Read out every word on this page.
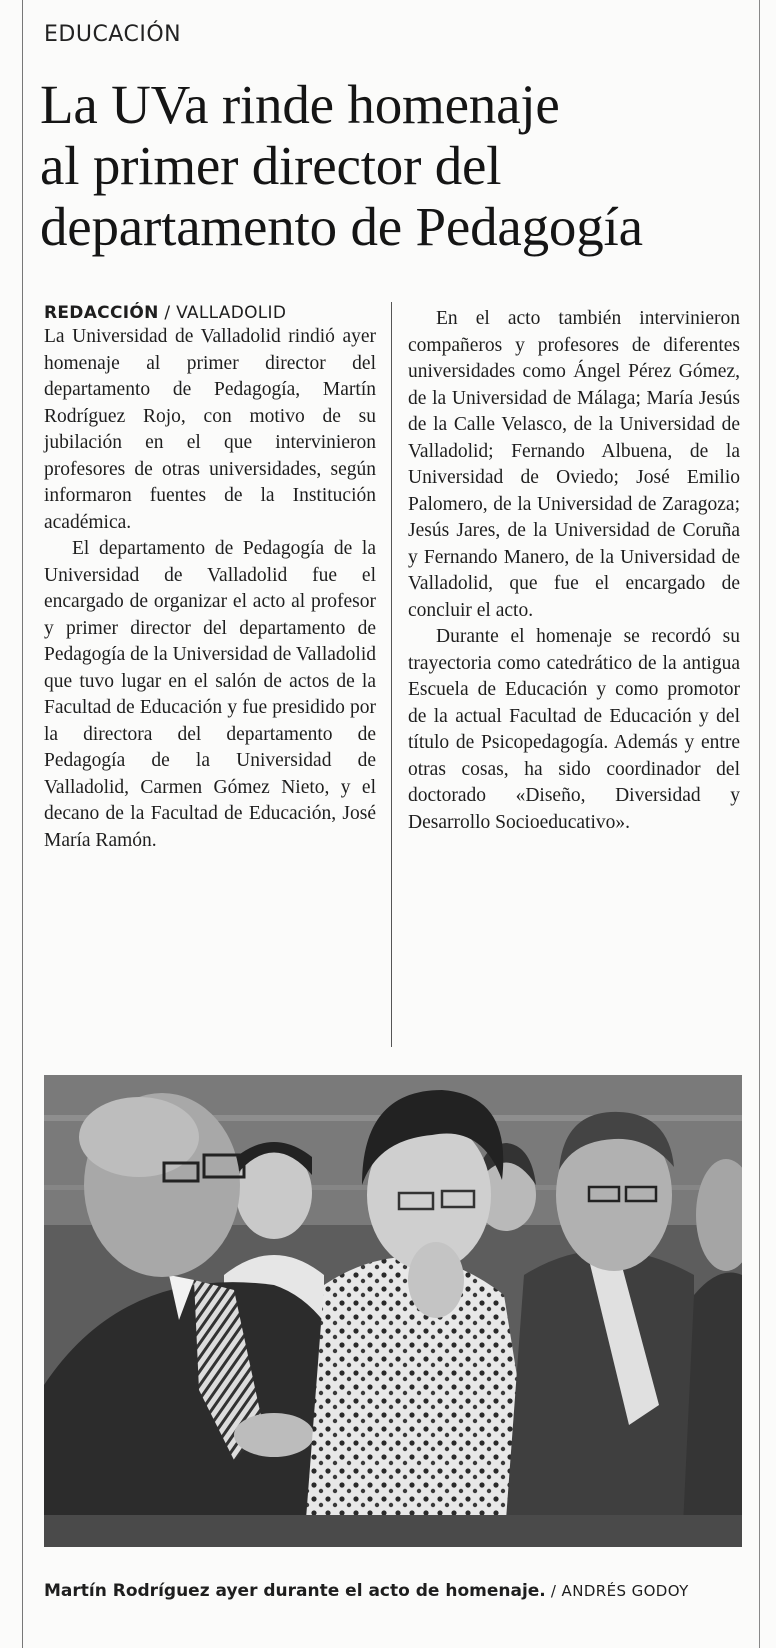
EDUCACIÓN
La UVa rinde homenaje
al primer director del
departamento de Pedagogía
REDACCIÓN / VALLADOLID

La Universidad de Valladolid rindió ayer homenaje al primer director del departamento de Pedagogía, Martín Rodríguez Rojo, con motivo de su jubilación en el que intervinieron profesores de otras universidades, según informaron fuentes de la Institución académica.

El departamento de Pedagogía de la Universidad de Valladolid fue el encargado de organizar el acto al profesor y primer director del departamento de Pedagogía de la Universidad de Valladolid que tuvo lugar en el salón de actos de la Facultad de Educación y fue presidido por la directora del departamento de Pedagogía de la Universidad de Valladolid, Carmen Gómez Nieto, y el decano de la Facultad de Educación, José María Ramón.

En el acto también intervinieron compañeros y profesores de diferentes universidades como Ángel Pérez Gómez, de la Universidad de Málaga; María Jesús de la Calle Velasco, de la Universidad de Valladolid; Fernando Albuena, de la Universidad de Oviedo; José Emilio Palomero, de la Universidad de Zaragoza; Jesús Jares, de la Universidad de Coruña y Fernando Manero, de la Universidad de Valladolid, que fue el encargado de concluir el acto.

Durante el homenaje se recordó su trayectoria como catedrático de la antigua Escuela de Educación y como promotor de la actual Facultad de Educación y del título de Psicopedagogía. Además y entre otras cosas, ha sido coordinador del doctorado «Diseño, Diversidad y Desarrollo Socioeducativo».

Martín Rodríguez ayer durante el acto de homenaje. / ANDRÉS GODOY
